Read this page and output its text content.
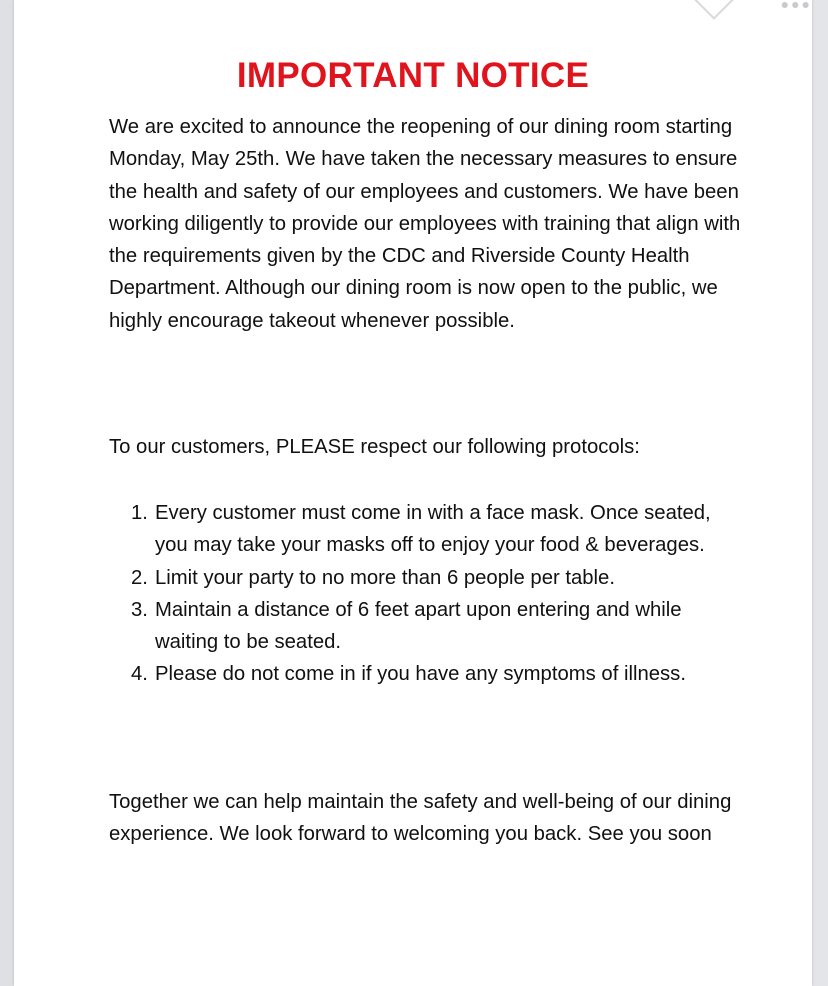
●●●
IMPORTANT NOTICE

We are excited to announce the reopening of our dining room starting Monday, May 25th. We have taken the necessary measures to ensure the health and safety of our employees and customers. We have been working diligently to provide our employees with training that align with the requirements given by the CDC and Riverside County Health Department. Although our dining room is now open to the public, we highly encourage takeout whenever possible.

To our customers, PLEASE respect our following protocols:

1. Every customer must come in with a face mask. Once seated, you may take your masks off to enjoy your food & beverages.
2. Limit your party to no more than 6 people per table.
3. Maintain a distance of 6 feet apart upon entering and while waiting to be seated.
4. Please do not come in if you have any symptoms of illness.

Together we can help maintain the safety and well-being of our dining experience. We look forward to welcoming you back. See you soon
